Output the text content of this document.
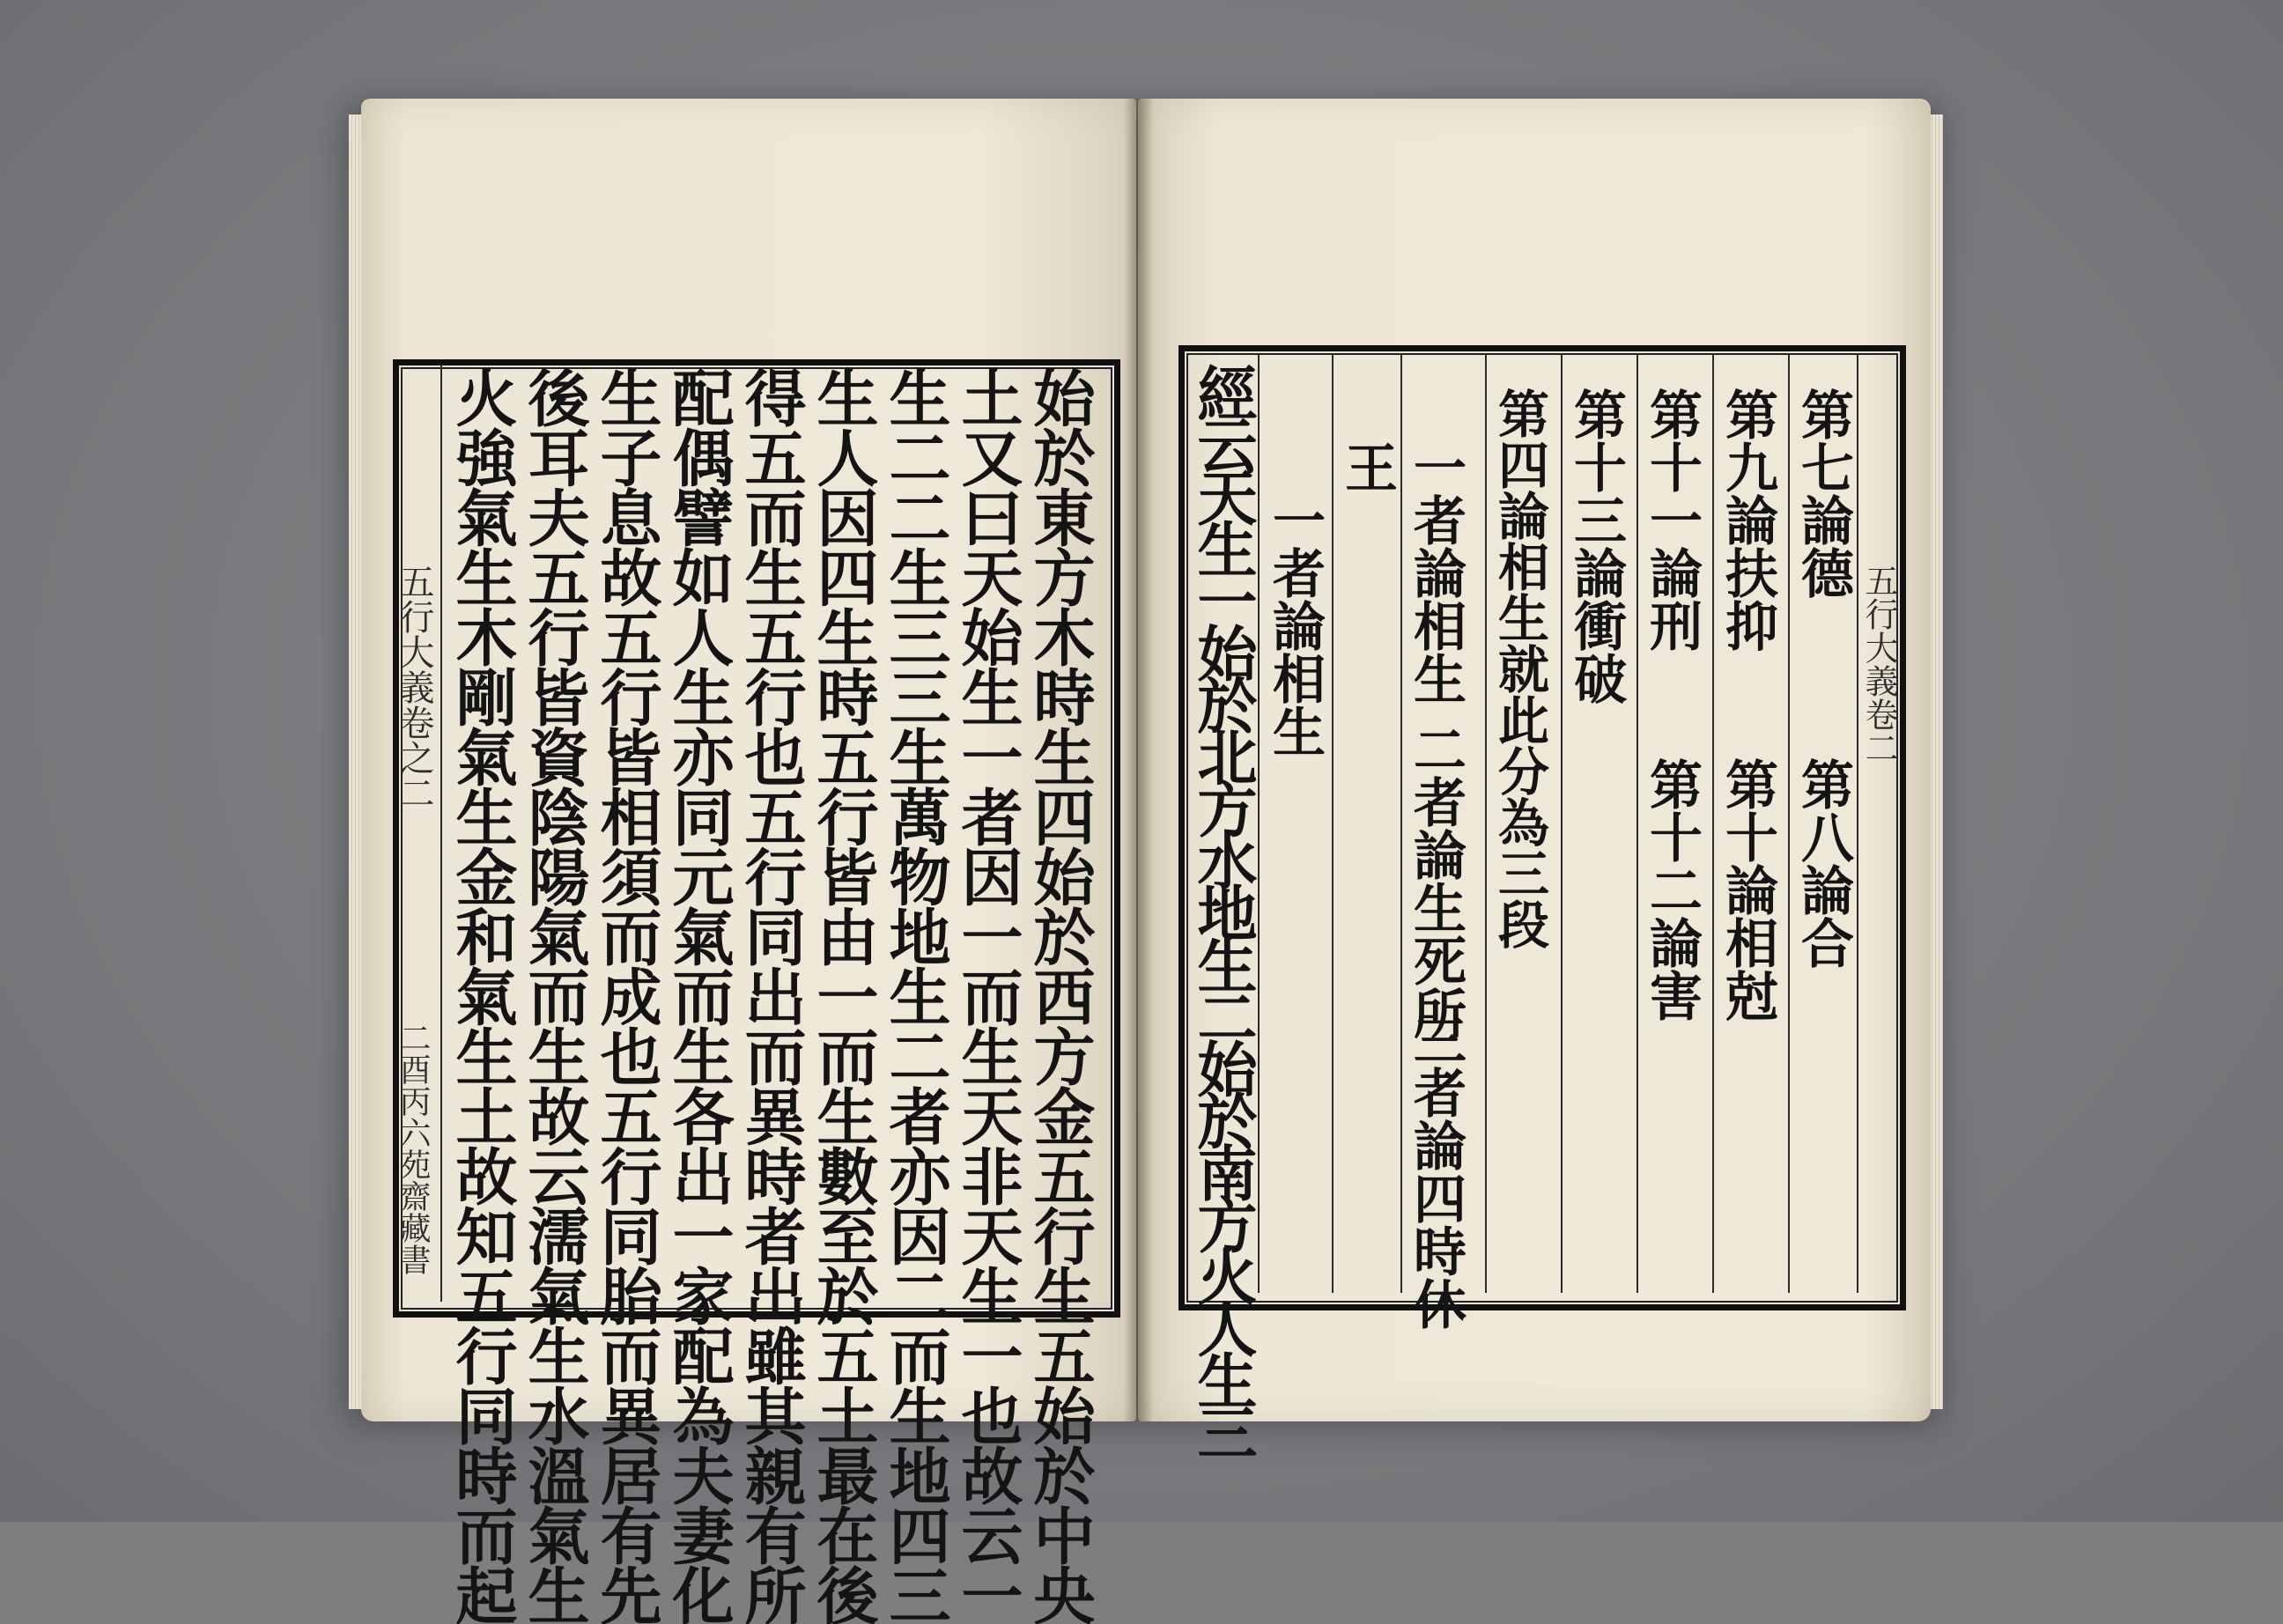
五行大義卷之二
二酉丙六苑齋藏書 火強氣生木剛氣生金和氣生土故知五行同時而起 後耳夫五行皆資陰陽氣而生故云濡氣生水溫氣生 生子息故五行皆相須而成也五行同胎而異居有先 配偶譬如人生亦同元氣而生各出一家配為夫妻化 得五而生五行也五行同出而異時者出雖其親有所 生人因四生時五行皆由一而生數至於五土最在後 生二二生三三生萬物地生二者亦因二而生地四三 土又曰天始生一者因一而生天非天生一也故云一 始於東方木時生四始於西方金五行生五始於中央	五行大義卷二
第七論德
第八論合
第九論扶抑
第十論相尅
第十一論刑
第十二論害
第十三論衝破
第四論相生就此分為三段
一者論相生
二者論生死所
三者論四時休
王
一者論相生
經云天生一始於北方水地生二始於南方火人生三
